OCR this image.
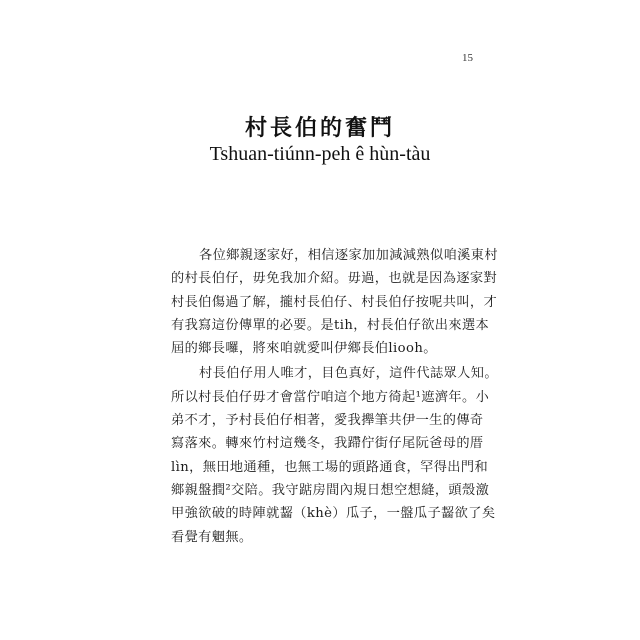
15
村長伯的奮鬥
Tshuan-tiúnn-peh ê hùn-tàu
各位鄉親逐家好，相信逐家加加減減熟似咱溪東村
的村長伯仔，毋免我加介紹。毋過，也就是因為逐家對
村長伯傷過了解，攏村長伯仔、村長伯仔按呢共叫，才
有我寫這份傳單的必要。是tih，村長伯仔欲出來選本
屆的鄉長囉，將來咱就愛叫伊鄉長伯liooh。
村長伯仔用人唯才，目色真好，這件代誌眾人知。
所以村長伯仔毋才會當佇咱這个地方徛起¹遮濟年。小
弟不才，予村長伯仔相著，愛我攑筆共伊一生的傳奇
寫落來。轉來竹村這幾冬，我蹛佇街仔尾阮爸母的厝
lìn，無田地通種，也無工場的頭路通食，罕得出門和
鄉親盤撋²交陪。我守踮房間內規日想空想縫，頭殼激
甲強欲破的時陣就齧（khè）瓜子，一盤瓜子齧欲了矣
看覺有魍無。
